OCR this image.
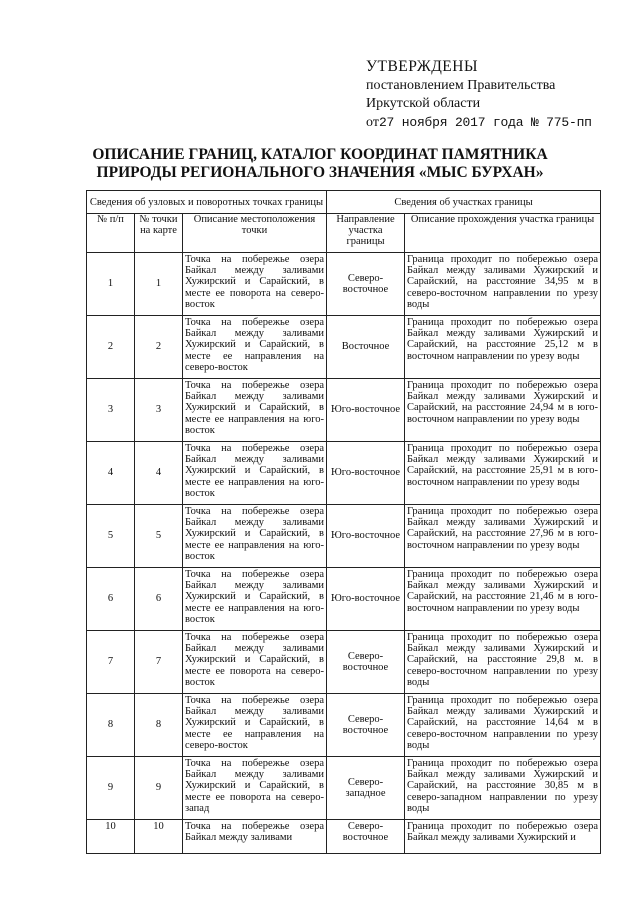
УТВЕРЖДЕНЫ
постановлением Правительства
Иркутской области
от27 ноября 2017 года № 775-пп
ОПИСАНИЕ ГРАНИЦ, КАТАЛОГ КООРДИНАТ ПАМЯТНИКА
ПРИРОДЫ РЕГИОНАЛЬНОГО ЗНАЧЕНИЯ «МЫС БУРХАН»
Сведения об узловых и поворотных точках границы			Сведения об участках границы	
№ п/п	№ точки на карте	Описание местоположения точки	Направление участка границы	Описание прохождения участка границы
1	1	Точка на побережье озера Байкал между заливами Хужирский и Сарайский, в месте ее поворота на северо-восток	Северо-восточное	Граница проходит по побережью озера Байкал между заливами Хужирский и Сарайский, на расстояние 34,95 м в северо-восточном направлении по урезу воды
2	2	Точка на побережье озера Байкал между заливами Хужирский и Сарайский, в месте ее направления на северо-восток	Восточное	Граница проходит по побережью озера Байкал между заливами Хужирский и Сарайский, на расстояние 25,12 м в восточном направлении по урезу воды
3	3	Точка на побережье озера Байкал между заливами Хужирский и Сарайский, в месте ее направления на юго-восток	Юго-восточное	Граница проходит по побережью озера Байкал между заливами Хужирский и Сарайский, на расстояние 24,94 м в юго-восточном направлении по урезу воды
4	4	Точка на побережье озера Байкал между заливами Хужирский и Сарайский, в месте ее направления на юго-восток	Юго-восточное	Граница проходит по побережью озера Байкал между заливами Хужирский и Сарайский, на расстояние 25,91 м в юго-восточном направлении по урезу воды
5	5	Точка на побережье озера Байкал между заливами Хужирский и Сарайский, в месте ее направления на юго-восток	Юго-восточное	Граница проходит по побережью озера Байкал между заливами Хужирский и Сарайский, на расстояние 27,96 м в юго-восточном направлении по урезу воды
6	6	Точка на побережье озера Байкал между заливами Хужирский и Сарайский, в месте ее направления на юго-восток	Юго-восточное	Граница проходит по побережью озера Байкал между заливами Хужирский и Сарайский, на расстояние 21,46 м в юго-восточном направлении по урезу воды
7	7	Точка на побережье озера Байкал между заливами Хужирский и Сарайский, в месте ее поворота на северо-восток	Северо-восточное	Граница проходит по побережью озера Байкал между заливами Хужирский и Сарайский, на расстояние 29,8 м. в северо-восточном направлении по урезу воды
8	8	Точка на побережье озера Байкал между заливами Хужирский и Сарайский, в месте ее направления на северо-восток	Северо-восточное	Граница проходит по побережью озера Байкал между заливами Хужирский и Сарайский, на расстояние 14,64 м в северо-восточном направлении по урезу воды
9	9	Точка на побережье озера Байкал между заливами Хужирский и Сарайский, в месте ее поворота на северо-запад	Северо-западное	Граница проходит по побережью озера Байкал между заливами Хужирский и Сарайский, на расстояние 30,85 м в северо-западном направлении по урезу воды
10	10	Точка на побережье озера Байкал между заливами	Северо-восточное	Граница проходит по побережью озера Байкал между заливами Хужирский и
